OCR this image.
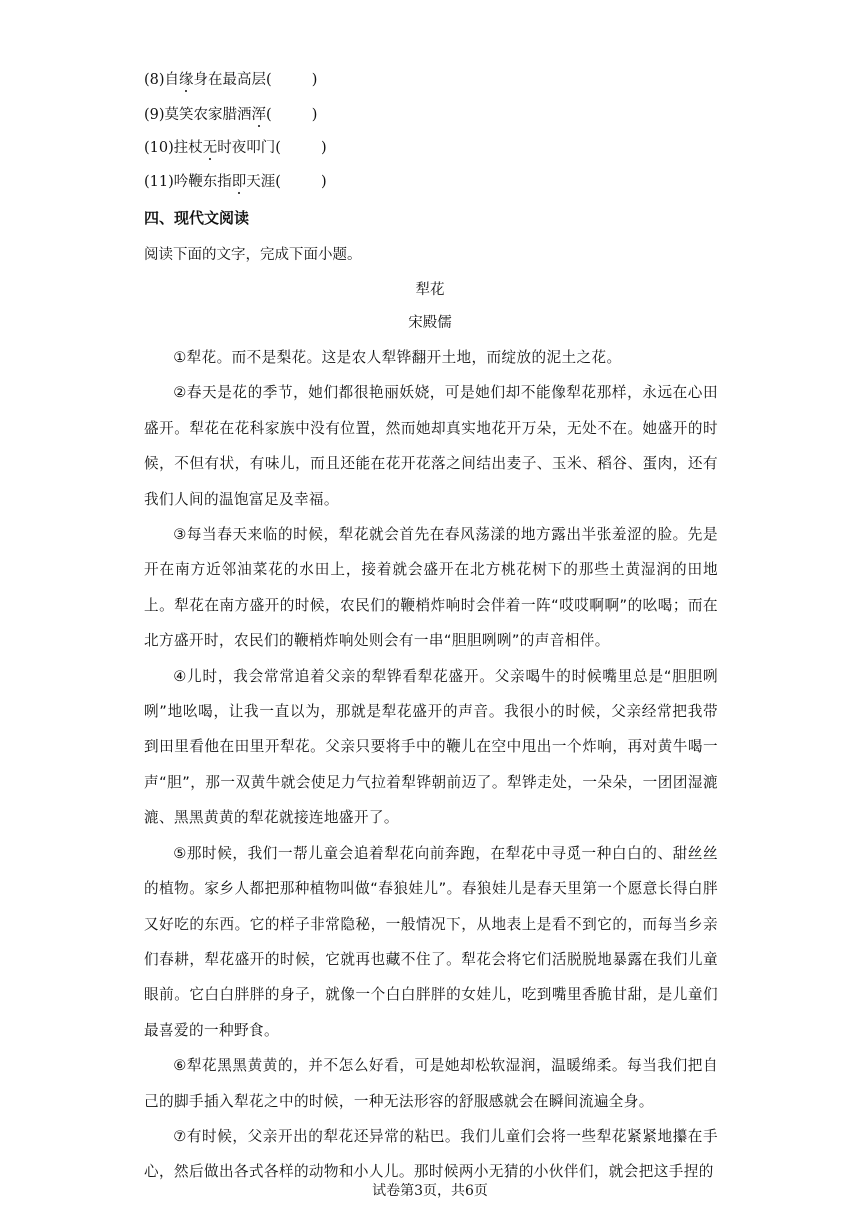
(8)自缘身在最高层(	)
(9)莫笑农家腊酒浑(	)
(10)拄杖无时夜叩门(	)
(11)吟鞭东指即天涯(	)
四、现代文阅读
阅读下面的文字，完成下面小题。
犁花
宋殿儒

①犁花。而不是梨花。这是农人犁铧翻开土地，而绽放的泥土之花。

②春天是花的季节，她们都很艳丽妖娆，可是她们却不能像犁花那样，永远在心田盛开。犁花在花科家族中没有位置，然而她却真实地花开万朵，无处不在。她盛开的时候，不但有状，有味儿，而且还能在花开花落之间结出麦子、玉米、稻谷、蛋肉，还有我们人间的温饱富足及幸福。

③每当春天来临的时候，犁花就会首先在春风荡漾的地方露出半张羞涩的脸。先是开在南方近邻油菜花的水田上，接着就会盛开在北方桃花树下的那些土黄湿润的田地上。犁花在南方盛开的时候，农民们的鞭梢炸响时会伴着一阵“哎哎啊啊”的吆喝；而在北方盛开时，农民们的鞭梢炸响处则会有一串“胆胆咧咧”的声音相伴。

④儿时，我会常常追着父亲的犁铧看犁花盛开。父亲喝牛的时候嘴里总是“胆胆咧咧”地吆喝，让我一直以为，那就是犁花盛开的声音。我很小的时候，父亲经常把我带到田里看他在田里开犁花。父亲只要将手中的鞭儿在空中甩出一个炸响，再对黄牛喝一声“胆”，那一双黄牛就会使足力气拉着犁铧朝前迈了。犁铧走处，一朵朵，一团团湿漉漉、黑黑黄黄的犁花就接连地盛开了。

⑤那时候，我们一帮儿童会追着犁花向前奔跑，在犁花中寻觅一种白白的、甜丝丝的植物。家乡人都把那种植物叫做“春狼娃儿”。春狼娃儿是春天里第一个愿意长得白胖又好吃的东西。它的样子非常隐秘，一般情况下，从地表上是看不到它的，而每当乡亲们春耕，犁花盛开的时候，它就再也藏不住了。犁花会将它们活脱脱地暴露在我们儿童眼前。它白白胖胖的身子，就像一个白白胖胖的女娃儿，吃到嘴里香脆甘甜，是儿童们最喜爱的一种野食。

⑥犁花黑黑黄黄的，并不怎么好看，可是她却松软湿润，温暖绵柔。每当我们把自己的脚手插入犁花之中的时候，一种无法形容的舒服感就会在瞬间流遍全身。

⑦有时候，父亲开出的犁花还异常的粘巴。我们儿童们会将一些犁花紧紧地攥在手心，然后做出各式各样的动物和小人儿。那时候两小无猜的小伙伴们，就会把这手捏的

试卷第3页，共6页
